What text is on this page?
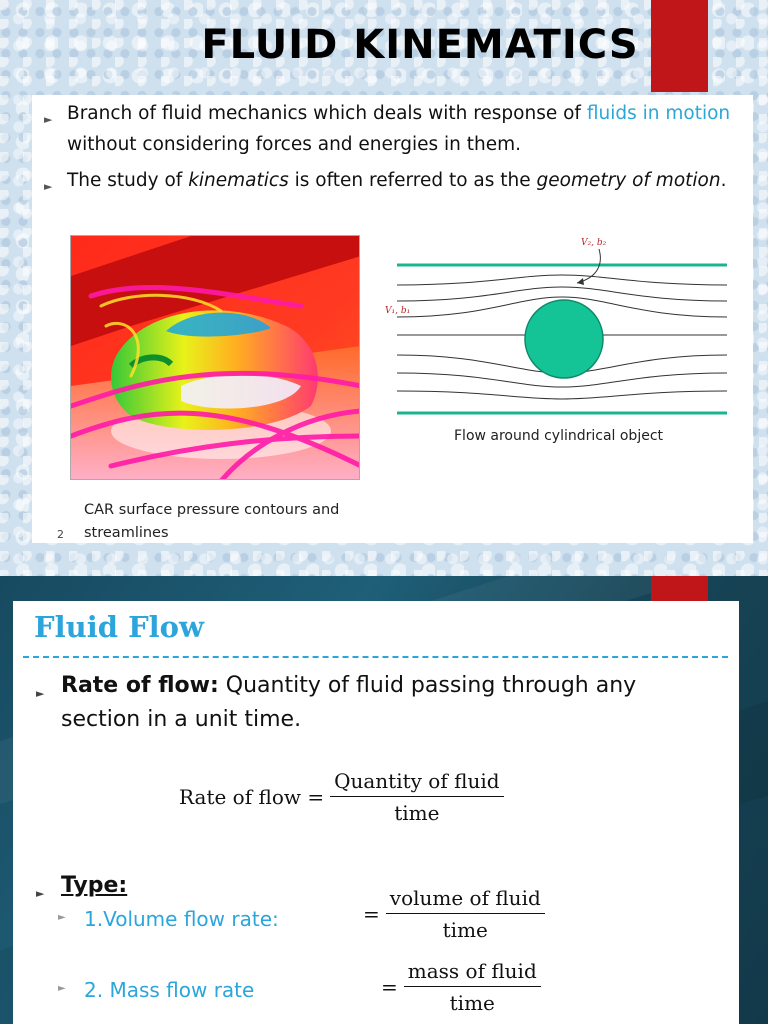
FLUID KINEMATICS
► Branch of fluid mechanics which deals with response of fluids in motion without considering forces and energies in them.
► The study of kinematics is often referred to as the geometry of motion.
V₂, b₂
V₁, b₁
Flow around cylindrical object
CAR surface pressure contours and streamlines
2
Fluid Flow
► Rate of flow: Quantity of fluid passing through any section in a unit time.
Rate of flow = $\frac{\text{Quantity of fluid}}{\text{time}}$
► Type:
► 1.Volume flow rate:	= $\frac{\text{volume of fluid}}{\text{time}}$
► 2. Mass flow rate	= $\frac{\text{mass of fluid}}{\text{time}}$
